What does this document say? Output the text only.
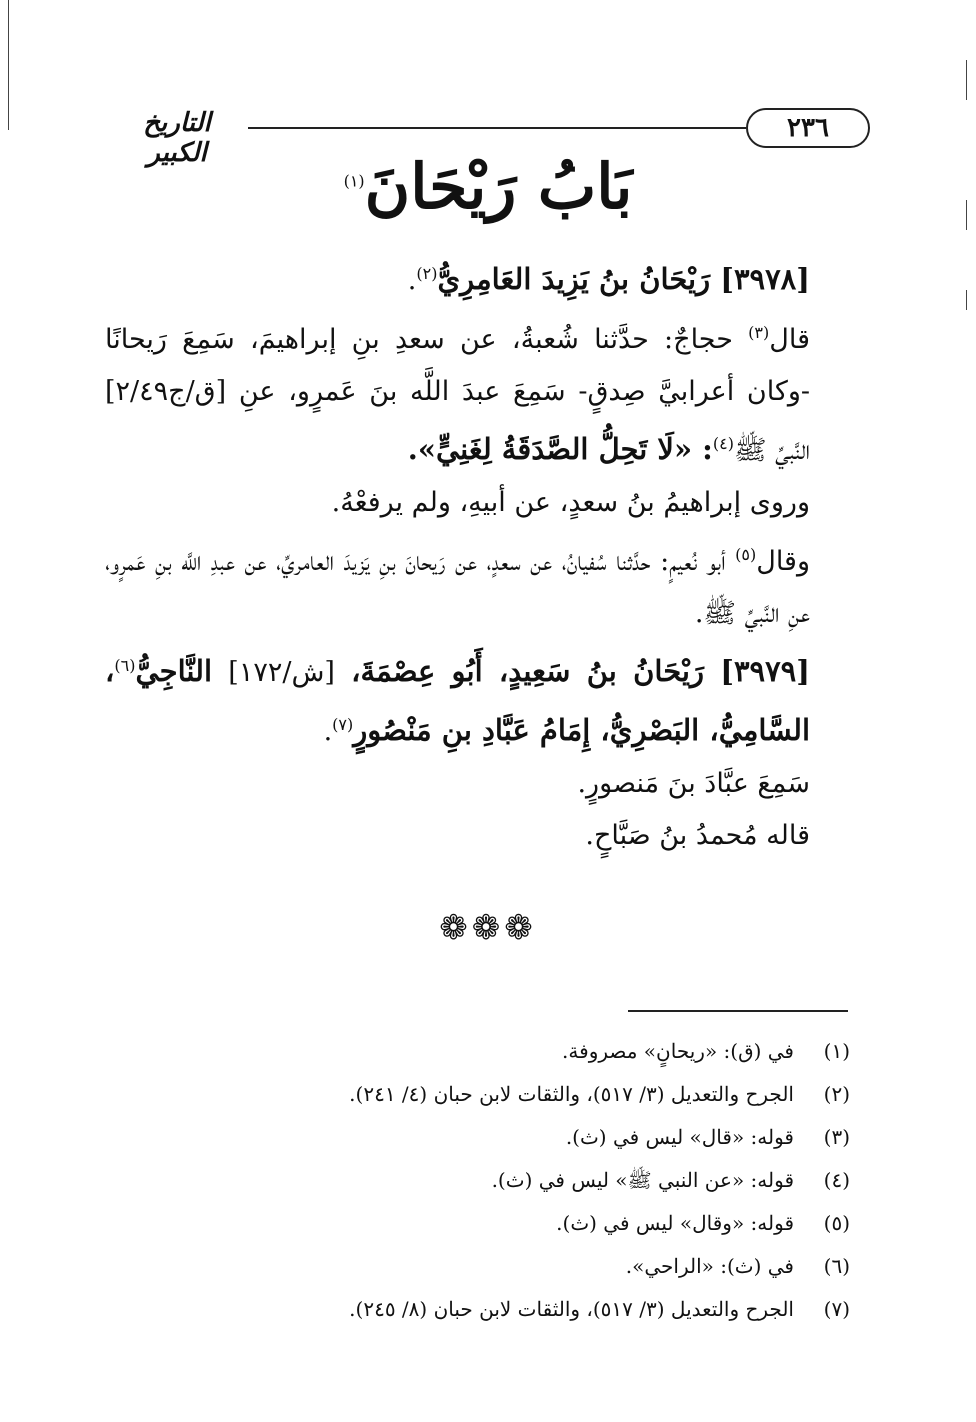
٢٣٦
التاريخ الكبير	بَابُ رَيْحَانَ$^{(١)}$

[٣٩٧٨] رَيْحَانُ بنُ يَزِيدَ العَامِرِيُّ$^{(٢)}$.

قال$^{(٣)}$ حجاجٌ: حدَّثنا شُعبةُ، عن سعدِ بنِ إبراهيمَ، سَمِعَ رَيحانًا -وكان أعرابيَّ صِدقٍ- سَمِعَ عبدَ اللَّه بنَ عَمرٍو، عنِ [ق/ج٢/٤٩] النَّبيِّ ﷺ$^{(٤)}$: «لَا تَحِلُّ الصَّدَقَةُ لِغَنِيٍّ».

وروى إبراهيمُ بنُ سعدٍ، عن أبيهِ، ولم يرفعْهُ.

وقال$^{(٥)}$ أبو نُعيمٍ: حدَّثنا سُفيانُ، عن سعدٍ، عن رَيحانَ بنِ يَزيدَ العامريِّ، عن عبدِ اللَّه بنِ عَمرٍو، عنِ النَّبيِّ ﷺ.

[٣٩٧٩] رَيْحَانُ بنُ سَعِيدٍ، أَبُو عِصْمَةَ، [ش/١٧٢] النَّاجِيُّ$^{(٦)}$، السَّامِيُّ، البَصْرِيُّ، إِمَامُ عَبَّادِ بنِ مَنْصُورٍ$^{(٧)}$.

سَمِعَ عبَّادَ بنَ مَنصورٍ.

قاله مُحمدُ بنُ صَبَّاحٍ.

❁❁❁
(١)
في (ق): «ريحانٍ» مصروفة.
(٢)
الجرح والتعديل (٣/ ٥١٧)، والثقات لابن حبان (٤/ ٢٤١).
(٣)
قوله: «قال» ليس في (ث).
(٤)
قوله: «عن النبي ﷺ» ليس في (ث).
(٥)
قوله: «وقال» ليس في (ث).
(٦)
في (ث): «الراحي».
(٧)
الجرح والتعديل (٣/ ٥١٧)، والثقات لابن حبان (٨/ ٢٤٥).
